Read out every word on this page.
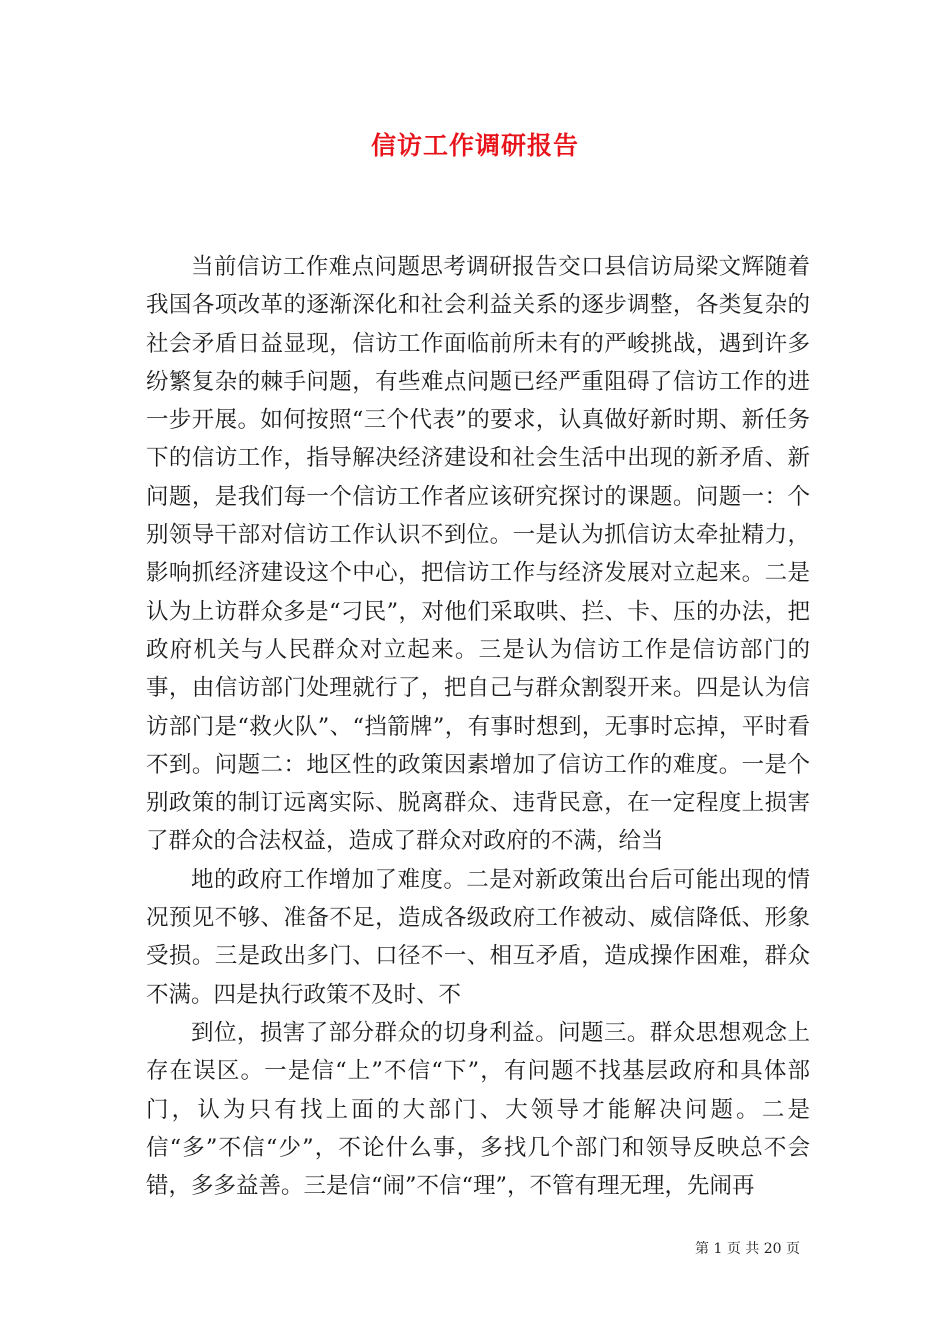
信访工作调研报告

当前信访工作难点问题思考调研报告交口县信访局梁文辉随着我国各项改革的逐渐深化和社会利益关系的逐步调整，各类复杂的社会矛盾日益显现，信访工作面临前所未有的严峻挑战，遇到许多纷繁复杂的棘手问题，有些难点问题已经严重阻碍了信访工作的进一步开展。如何按照“三个代表”的要求，认真做好新时期、新任务下的信访工作，指导解决经济建设和社会生活中出现的新矛盾、新问题，是我们每一个信访工作者应该研究探讨的课题。问题一：个别领导干部对信访工作认识不到位。一是认为抓信访太牵扯精力，影响抓经济建设这个中心，把信访工作与经济发展对立起来。二是认为上访群众多是“刁民”，对他们采取哄、拦、卡、压的办法，把政府机关与人民群众对立起来。三是认为信访工作是信访部门的事，由信访部门处理就行了，把自己与群众割裂开来。四是认为信访部门是“救火队”、“挡箭牌”，有事时想到，无事时忘掉，平时看不到。问题二：地区性的政策因素增加了信访工作的难度。一是个别政策的制订远离实际、脱离群众、违背民意，在一定程度上损害了群众的合法权益，造成了群众对政府的不满，给当

地的政府工作增加了难度。二是对新政策出台后可能出现的情况预见不够、准备不足，造成各级政府工作被动、威信降低、形象受损。三是政出多门、口径不一、相互矛盾，造成操作困难，群众不满。四是执行政策不及时、不

到位，损害了部分群众的切身利益。问题三。群众思想观念上存在误区。一是信“上”不信“下”，有问题不找基层政府和具体部门，认为只有找上面的大部门、大领导才能解决问题。二是信“多”不信“少”，不论什么事，多找几个部门和领导反映总不会错，多多益善。三是信“闹”不信“理”，不管有理无理，先闹再

第 1 页 共 20 页
